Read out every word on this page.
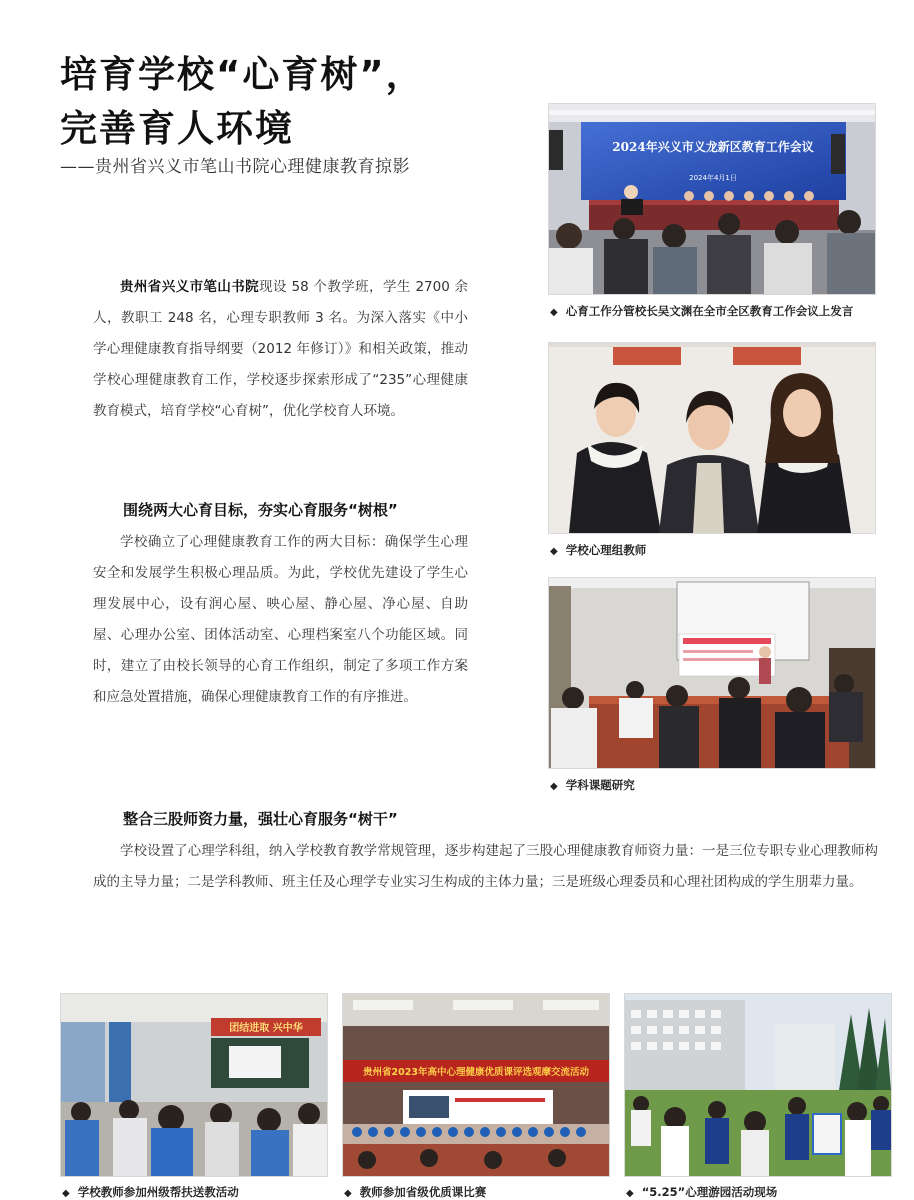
培育学校“心育树”，
完善育人环境
——贵州省兴义市笔山书院心理健康教育掠影

贵州省兴义市笔山书院现设 58 个教学班，学生 2700 余人，教职工 248 名，心理专职教师 3 名。为深入落实《中小学心理健康教育指导纲要（2012 年修订）》和相关政策，推动学校心理健康教育工作，学校逐步探索形成了“235”心理健康教育模式，培育学校“心育树”，优化学校育人环境。

围绕两大心育目标，夯实心育服务“树根”

学校确立了心理健康教育工作的两大目标：确保学生心理安全和发展学生积极心理品质。为此，学校优先建设了学生心理发展中心，设有润心屋、映心屋、静心屋、净心屋、自助屋、心理办公室、团体活动室、心理档案室八个功能区域。同时，建立了由校长领导的心育工作组织，制定了多项工作方案和应急处置措施，确保心理健康教育工作的有序推进。

整合三股师资力量，强壮心育服务“树干”

学校设置了心理学科组，纳入学校教育教学常规管理，逐步构建起了三股心理健康教育师资力量：一是三位专职专业心理教师构成的主导力量；二是学科教师、班主任及心理学专业实习生构成的主体力量；三是班级心理委员和心理社团构成的学生朋辈力量。

2024年兴义市义龙新区教育工作会议
2024年4月1日
◆ 心育工作分管校长吴文渊在全市全区教育工作会议上发言
◆ 学校心理组教师
◆ 学科课题研究
团结进取 兴中华
◆ 学校教师参加州级帮扶送教活动
贵州省2023年高中心理健康优质课评选观摩交流活动
◆ 教师参加省级优质课比赛	◆ “5.25”心理游园活动现场
